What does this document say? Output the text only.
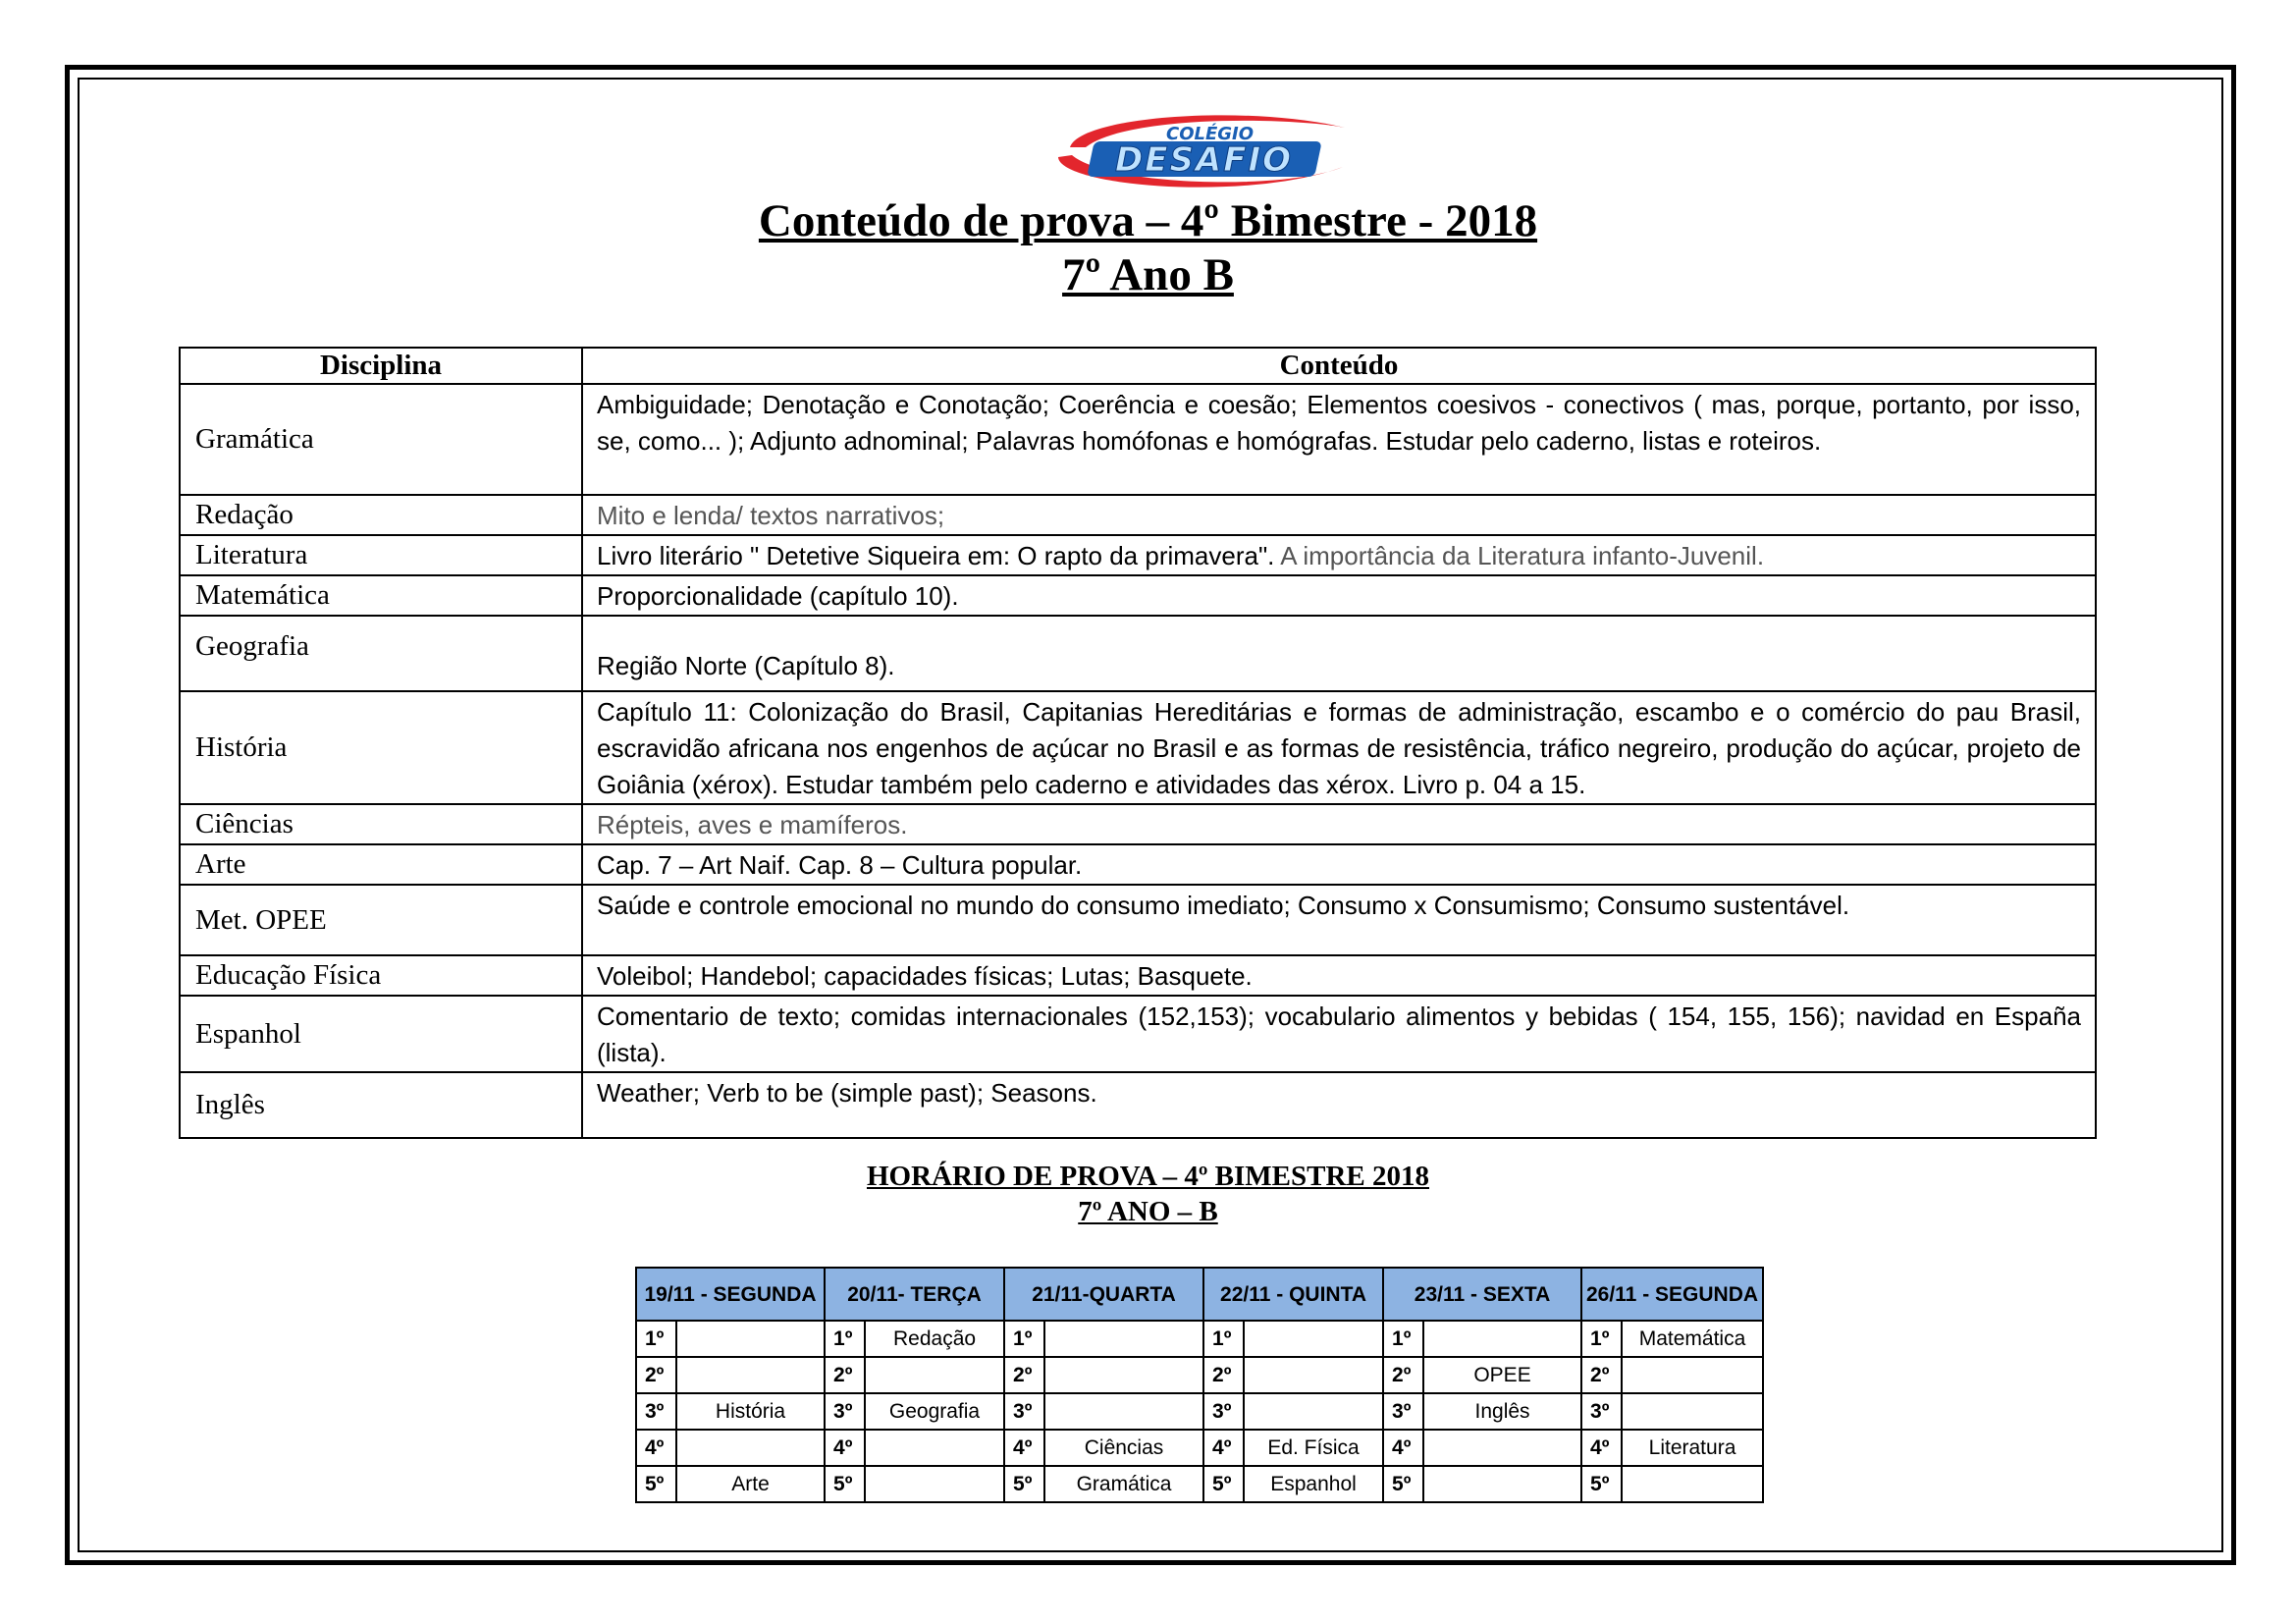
COLÉGIO
DESAFIO
Conteúdo de prova – 4º Bimestre - 2018
7º Ano B
Disciplina	Conteúdo
Gramática	Ambiguidade; Denotação e Conotação; Coerência e coesão; Elementos coesivos - conectivos ( mas, porque, portanto, por isso, se, como... ); Adjunto adnominal; Palavras homófonas e homógrafas. Estudar pelo caderno, listas e roteiros.
Redação	Mito e lenda/ textos narrativos;
Literatura	Livro literário " Detetive Siqueira em: O rapto da primavera". A importância da Literatura infanto-Juvenil.
Matemática	Proporcionalidade (capítulo 10).
Geografia	Região Norte (Capítulo 8).
História	Capítulo 11: Colonização do Brasil, Capitanias Hereditárias e formas de administração, escambo e o comércio do pau Brasil, escravidão africana nos engenhos de açúcar no Brasil e as formas de resistência, tráfico negreiro, produção do açúcar, projeto de Goiânia (xérox). Estudar também pelo caderno e atividades das xérox. Livro p. 04 a 15.
Ciências	Répteis, aves e mamíferos.
Arte	Cap. 7 – Art Naif. Cap. 8 – Cultura popular.
Met. OPEE	Saúde e controle emocional no mundo do consumo imediato; Consumo x Consumismo; Consumo sustentável.
Educação Física	Voleibol; Handebol; capacidades físicas; Lutas; Basquete.
Espanhol	Comentario de texto; comidas internacionales (152,153); vocabulario alimentos y bebidas ( 154, 155, 156); navidad en España (lista).
Inglês	Weather; Verb to be (simple past); Seasons.
HORÁRIO DE PROVA – 4º BIMESTRE 2018
7º ANO – B
19/11 - SEGUNDA		20/11- TERÇA		21/11-QUARTA		22/11 - QUINTA		23/11 - SEXTA		26/11 - SEGUNDA	
1º		1º	Redação	1º		1º		1º		1º	Matemática
2º		2º		2º		2º		2º	OPEE	2º	
3º	História	3º	Geografia	3º		3º		3º	Inglês	3º	
4º		4º		4º	Ciências	4º	Ed. Física	4º		4º	Literatura
5º	Arte	5º		5º	Gramática	5º	Espanhol	5º		5º	
